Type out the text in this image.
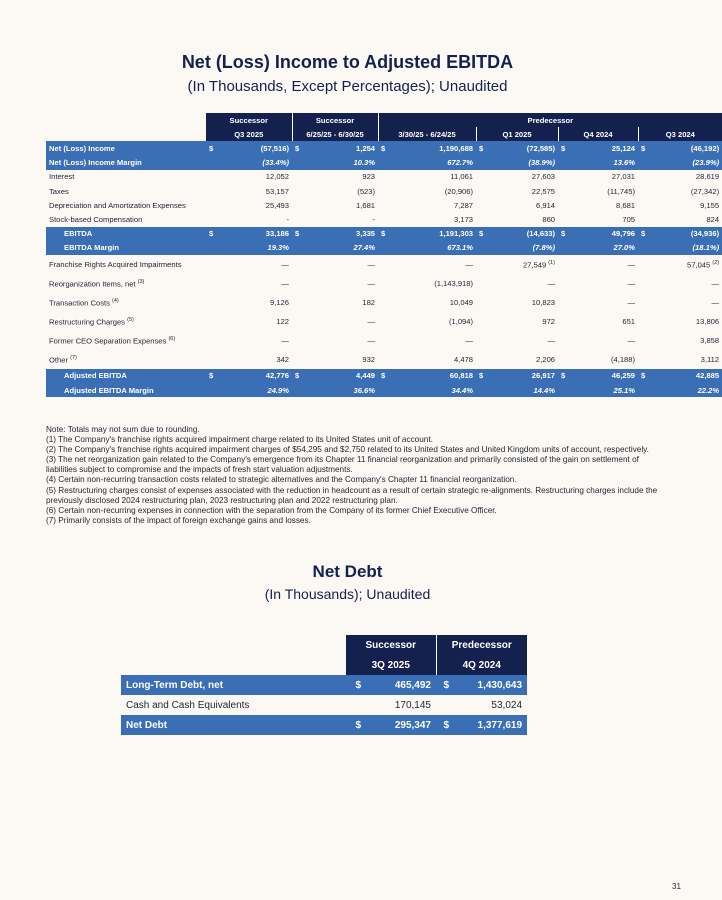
Net (Loss) Income to Adjusted EBITDA
(In Thousands, Except Percentages); Unaudited
	Successor		Successor		Predecessor							
	Q3 2025		6/25/25 - 6/30/25		3/30/25 - 6/24/25		Q1 2025		Q4 2024		Q3 2024	
Net (Loss) Income	$	(57,516)	$	1,254	$	1,190,688	$	(72,585)	$	25,124	$	(46,192)
Net (Loss) Income Margin		(33.4%)		10.3%		672.7%		(38.9%)		13.6%		(23.9%)
Interest		12,052		923		11,061		27,603		27,031		28,619
Taxes		53,157		(523)		(20,906)		22,575		(11,745)		(27,342)
Depreciation and Amortization Expenses		25,493		1,681		7,287		6,914		8,681		9,155
Stock-based Compensation		-		-		3,173		860		705		824
EBITDA	$	33,186	$	3,335	$	1,191,303	$	(14,633)	$	49,796	$	(34,936)
EBITDA Margin		19.3%		27.4%		673.1%		(7.8%)		27.0%		(18.1%)
Franchise Rights Acquired Impairments		—		—		—		27,549 $^{(1)}$		—		57,045 $^{(2)}$
Reorganization Items, net $^{(3)}$		—		—		(1,143,918)		—		—		—
Transaction Costs $^{(4)}$		9,126		182		10,049		10,823		—		—
Restructuring Charges $^{(5)}$		122		—		(1,094)		972		651		13,806
Former CEO Separation Expenses $^{(6)}$		—		—		—		—		—		3,858
Other $^{(7)}$		342		932		4,478		2,206		(4,188)		3,112
Adjusted EBITDA	$	42,776	$	4,449	$	60,818	$	26,917	$	46,259	$	42,885
Adjusted EBITDA Margin		24.9%		36.6%		34.4%		14.4%		25.1%		22.2%

Note: Totals may not sum due to rounding.

(1) The Company's franchise rights acquired impairment charge related to its United States unit of account.

(2) The Company's franchise rights acquired impairment charges of $54,295 and $2,750 related to its United States and United Kingdom units of account, respectively.

(3) The net reorganization gain related to the Company's emergence from its Chapter 11 financial reorganization and primarily consisted of the gain on settlement of liabilities subject to compromise and the impacts of fresh start valuation adjustments.

(4) Certain non-recurring transaction costs related to strategic alternatives and the Company's Chapter 11 financial reorganization.

(5) Restructuring charges consist of expenses associated with the reduction in headcount as a result of certain strategic re-alignments. Restructuring charges include the previously disclosed 2024 restructuring plan, 2023 restructuring plan and 2022 restructuring plan.

(6) Certain non-recurring expenses in connection with the separation from the Company of its former Chief Executive Officer.

(7) Primarily consists of the impact of foreign exchange gains and losses.

Net Debt
(In Thousands); Unaudited
	Successor		Predecessor	
	3Q 2025		4Q 2024	
Long-Term Debt, net	$	465,492	$	1,430,643
Cash and Cash Equivalents		170,145		53,024
Net Debt	$	295,347	$	1,377,619
31
